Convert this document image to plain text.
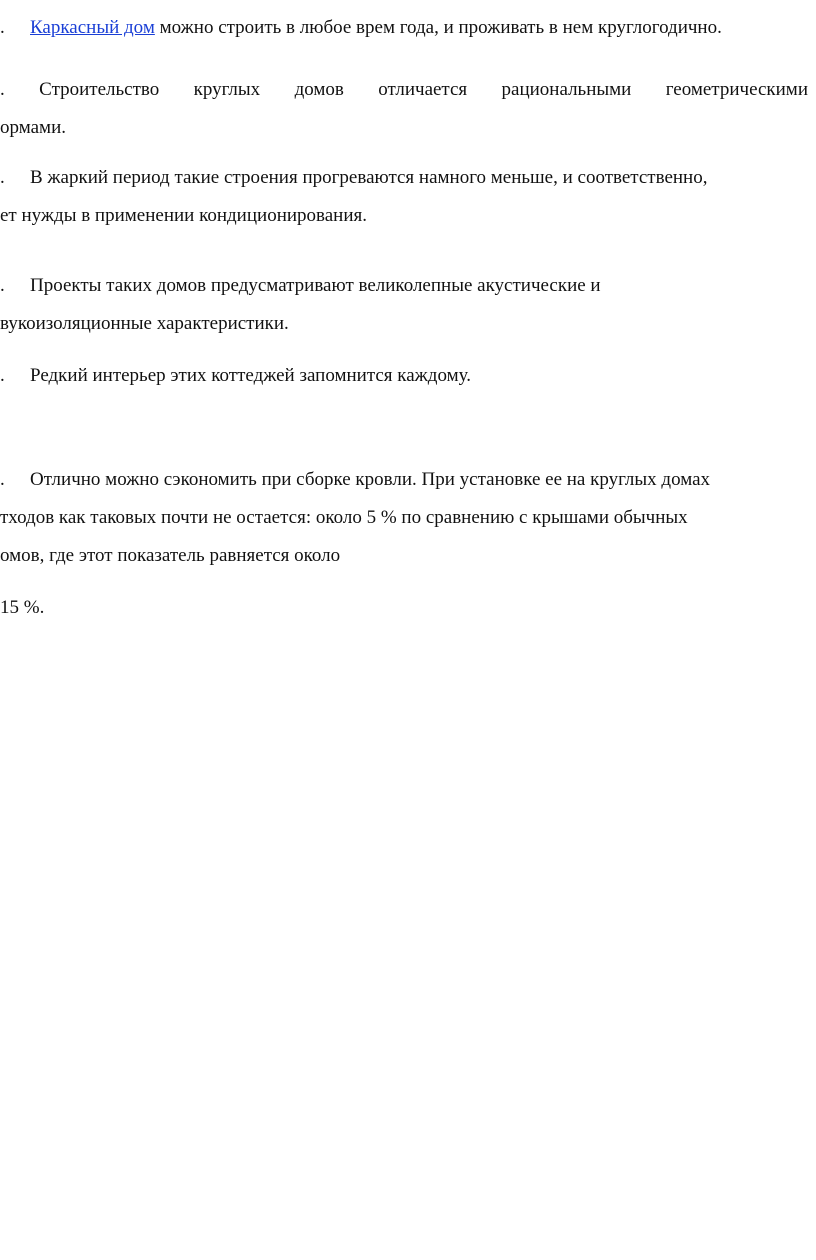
. Каркасный дом можно строить в любое врем года, и проживать в нем круглогодично.
. Строительство круглых домов отличается рациональными геометрическими
ормами.
. В жаркий период такие строения прогреваются намного меньше, и соответственно,
ет нужды в применении кондиционирования.
. Проекты таких домов предусматривают великолепные акустические и
вукоизоляционные характеристики.
. Редкий интерьер этих коттеджей запомнится каждому.
. Отлично можно сэкономить при сборке кровли. При установке ее на круглых домах
тходов как таковых почти не остается: около 5 % по сравнению с крышами обычных
омов, где этот показатель равняется около
15 %.
